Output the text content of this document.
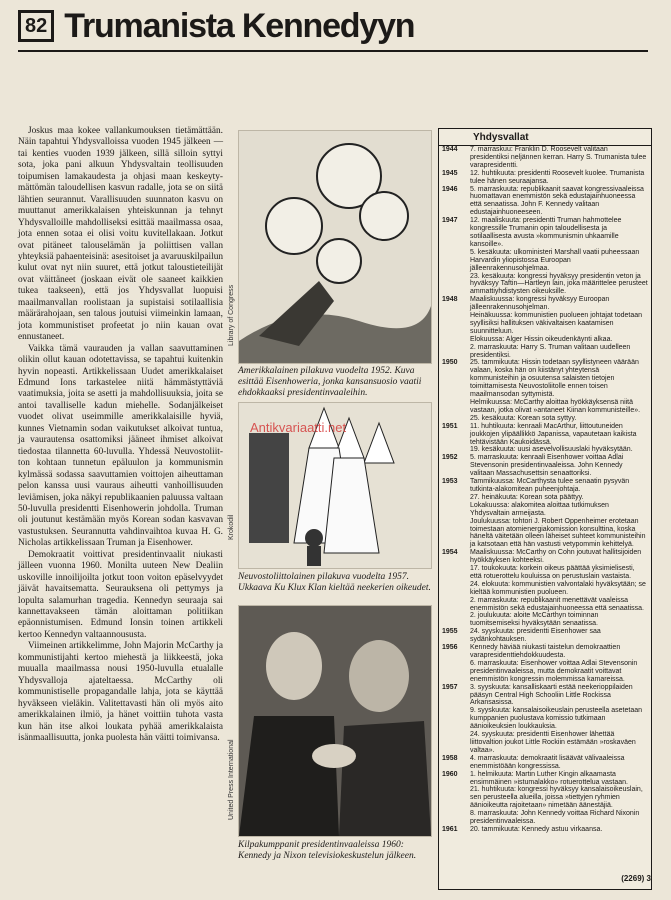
82 Trumanista Kennedyyn

Joskus maa kokee vallankumouksen tietämättään. Näin tapahtui Yhdysvalloissa vuoden 1945 jälkeen — tai kenties vuoden 1939 jälkeen, sillä silloin syttyi sota, joka pani alkuun Yhdysvaltain teollisuuden toipumisen lamakaudesta ja ohjasi maan keskeytymättömän taloudellisen kasvun radalle, jota se on siitä lähtien seurannut. Varallisuuden suunnaton kasvu on muuttanut amerikkalaisen yhteiskunnan ja tehnyt Yhdysvalloille mahdolliseksi esittää maailmassa osaa, jota ennen sotaa ei olisi voitu kuvitellakaan. Jotkut ovat pitäneet talouselämän ja poliittisen vallan yhteyksiä pahaenteisinä: asesitoiset ja avaruuskilpailun kulut ovat nyt niin suuret, että jotkut taloustieteilijät ovat väittäneet (joskaan eivät ole saaneet kaikkien tukea taakseen), että jos Yhdysvallat luopuisi maailmanvallan roolistaan ja supistaisi sotilaallisia määrärahojaan, sen talous joutuisi viimeinkin lamaan, jota kommunistiset profeetat jo niin kauan ovat ennustaneet.

Vaikka tämä vaurauden ja vallan saavuttaminen olikin ollut kauan odotettavissa, se tapahtui kuitenkin hyvin nopeasti. Artikkelissaan Uudet amerikkalaiset Edmund Ions tarkastelee niitä hämmästyttäviä vaatimuksia, joita se asetti ja mahdollisuuksia, joita se antoi tavalliselle kadun miehelle. Sodanjälkeiset vuodet olivat useimmille amerikkalaisille hyviä, kunnes Vietnamin sodan vaikutukset alkoivat tuntua, ja vaurautensa osattomiksi jääneet ihmiset alkoivat tiedostaa tilannetta 60-luvulla. Yhdessä Neuvostoliitton kohtaan tunnetun epäluulon ja kommunismin kylmässä sodassa saavuttamien voittojen aiheuttaman pelon kanssa uusi vauraus aiheutti vanhoillisuuden leviämisen, joka näkyi republikaanien paluussa valtaan 50-luvulla presidentti Eisenhowerin johdolla. Truman oli joutunut kestämään myös Korean sodan kasvavan vastustuksen. Seurannutta vahdinvaihtoa kuvaa H. G. Nicholas artikkelissaan Truman ja Eisenhower.

Demokraatit voittivat presidentinvaalit niukasti jälleen vuonna 1960. Monilta uuteen New Dealiin uskoville innoilijoilta jotkut toon voiton epäselvyydet jäivät havaitsematta. Seurauksena oli pettymys ja lopulta salamurhan tragedia. Kennedyn seuraaja sai kannettavakseen tämän aloittaman politiikan epäonnistumisen. Edmund Ionsin toinen artikkeli kertoo Kennedyn valtaannoususta.

Viimeinen artikkelimme, John Majorin McCarthy ja kommunistijahti kertoo miehestä ja liikkeestä, joka muualla maailmassa nousi 1950-luvulla etualalle Yhdysvalloja ajateltaessa. McCarthy oli kommunistiselle propagandalle lahja, jota se käyttää hyväkseen vieläkin. Valitettavasti hän oli myös aito amerikkalainen ilmiö, ja hänet voittiin tuhota vasta kun hän itse alkoi loukata pyhää amerikkalaista isänmaallisuutta, jonka puolesta hän väitti toimivansa.

Library of Congress
Amerikkalainen pilakuva vuodelta 1952. Kuva esittää Eisenhoweria, jonka kansansuosio vaatii ehdokkaaksi presidentinvaaleihin.
Krokodil
Neuvostoliittolainen pilakuva vuodelta 1957. Ukkaava Ku Klux Klan kieltää neekerien oikeudet.
United Press International
Kilpakumppanit presidentinvaaleissa 1960: Kennedy ja Nixon televisiokeskustelun jälkeen.
Antikvariaatti.net
Yhdysvallat
1944	7. marraskuu: Franklin D. Roosevelt valitaan presidentiksi neljännen kerran. Harry S. Trumanista tulee varapresidentti.
1945	12. huhtikuuta: presidentti Roosevelt kuolee. Trumanista tulee hänen seuraajansa.
1946	5. marraskuuta: republikaanit saavat kongressivaaleissa huomattavan enemmistön sekä edustajainhuoneessa että senaatissa. John F. Kennedy valitaan edustajainhuoneeseen.
1947	12. maaliskuuta: presidentti Truman hahmottelee kongressille Trumanin opin taloudellisesta ja sotilaallisesta avusta »kommunismin uhkaamille kansoille».
5. kesäkuuta: ulkoministeri Marshall vaatii puheessaan Harvardin yliopistossa Euroopan jälleenrakennusohjelmaa.
23. kesäkuuta: kongressi hyväksyy presidentin veton ja hyväksyy Taftin—Hartleyn lain, joka määrittelee perusteet ammattiyhdistysten oikeuksille.
1948	Maaliskuussa: kongressi hyväksyy Euroopan jälleenrakennusohjelman.
Heinäkuussa: kommunistien puolueen johtajat todetaan syyllisiksi hallituksen väkivaltaisen kaatamisen suunnitteluun.
Elokuussa: Alger Hissin oikeudenkäynti alkaa.
2. marraskuuta: Harry S. Truman valitaan uudelleen presidentiksi.
1950	25. tammikuuta: Hissin todetaan syyllistyneen väärään valaan, koska hän on kiistänyt yhteytensä kommunisteihin ja osuutensa salaisten tietojen toimittamisesta Neuvostoliitolle ennen toisen maailmansodan syttymistä.
Helmikuussa: McCarthy aloittaa hyökkäyksensä niitä vastaan, jotka olivat »antaneet Kiinan kommunisteille».
25. kesäkuuta: Korean sota syttyy.
1951	11. huhtikuuta: kenraali MacArthur, liittoutuneiden joukkojen ylipäällikkö Japanissa, vapautetaan kaikista tehtävistään Kaukoidässä.
19. kesäkuuta: uusi asevelvollisuuslaki hyväksytään.
1952	5. marraskuuta: kenraali Eisenhower voittaa Adlai Stevensonin presidentinvaaleissa. John Kennedy valitaan Massachusettsin senaattoriksi.
1953	Tammikuussa: McCarthysta tulee senaatin pysyvän tutkinta-alakomitean puheenjohtaja.
27. heinäkuuta: Korean sota päättyy.
Lokakuussa: alakomitea aloittaa tutkimuksen Yhdysvaltain armeijasta.
Joulukuussa: tohtori J. Robert Oppenheimer erotetaan toimestaan atomienergiakomission konsulttina, koska häneltä väitetään olleen läheiset suhteet kommunisteihin ja katsotaan että hän vastusti vetypommin kehittelyä.
1954	Maaliskuussa: McCarthy on Cohn joutuvat hallitsijoiden hyökkäyksen kohteeksi.
17. toukokuuta: korkein oikeus päättää yksimielisesti, että rotuerottelu kouluissa on perustuslain vastaista.
24. elokuuta: kommunistien valvontalaki hyväksytään; se kieltää kommunistien puolueen.
2. marraskuuta: republikaanit menettävät vaaleissa enemmistön sekä edustajainhuoneessa että senaatissa.
2. joulukuuta: aloite McCarthyn toiminnan tuomitsemiseksi hyväksytään senaatissa.
1955	24. syyskuuta: presidentti Eisenhower saa sydänkohtauksen.
1956	Kennedy häviää niukasti taistelun demokraattien varapresidenttiehdokkuudesta.
6. marraskuuta: Eisenhower voittaa Adlai Stevensonin presidentinvaaleissa, mutta demokraatit voittavat enemmistön kongressin molemmissa kamareissa.
1957	3. syyskuuta: kansalliskaarti estää neekerioppilaiden pääsyn Central High Schooliin Little Rockissa Arkansasissa.
9. syyskuuta: kansalaisoikeuslain perusteella asetetaan kumppanien puolustava komissio tutkimaan äänioikeuksien loukkauksia.
24. syyskuuta: presidentti Eisenhower lähettää liittovaltion joukot Little Rockiin estämään »roskaväen valtaa».
1958	4. marraskuuta: demokraatit lisäävät välivaaleissa enemmistöään kongressissa.
1960	1. helmikuuta: Martin Luther Kingin alkaamasta ensimmäinen »istumalakko» rotuerottelua vastaan.
21. huhtikuuta: kongressi hyväksyy kansalaisoikeuslain, sen perusteella alueilla, joissa »tiettyjen ryhmien äänioikeutta rajoitetaan» nimetään äänestäjiä.
8. marraskuuta: John Kennedy voittaa Richard Nixonin presidentinvaaleissa.
1961	20. tammikuuta: Kennedy astuu virkaansa.
(2269) 3
